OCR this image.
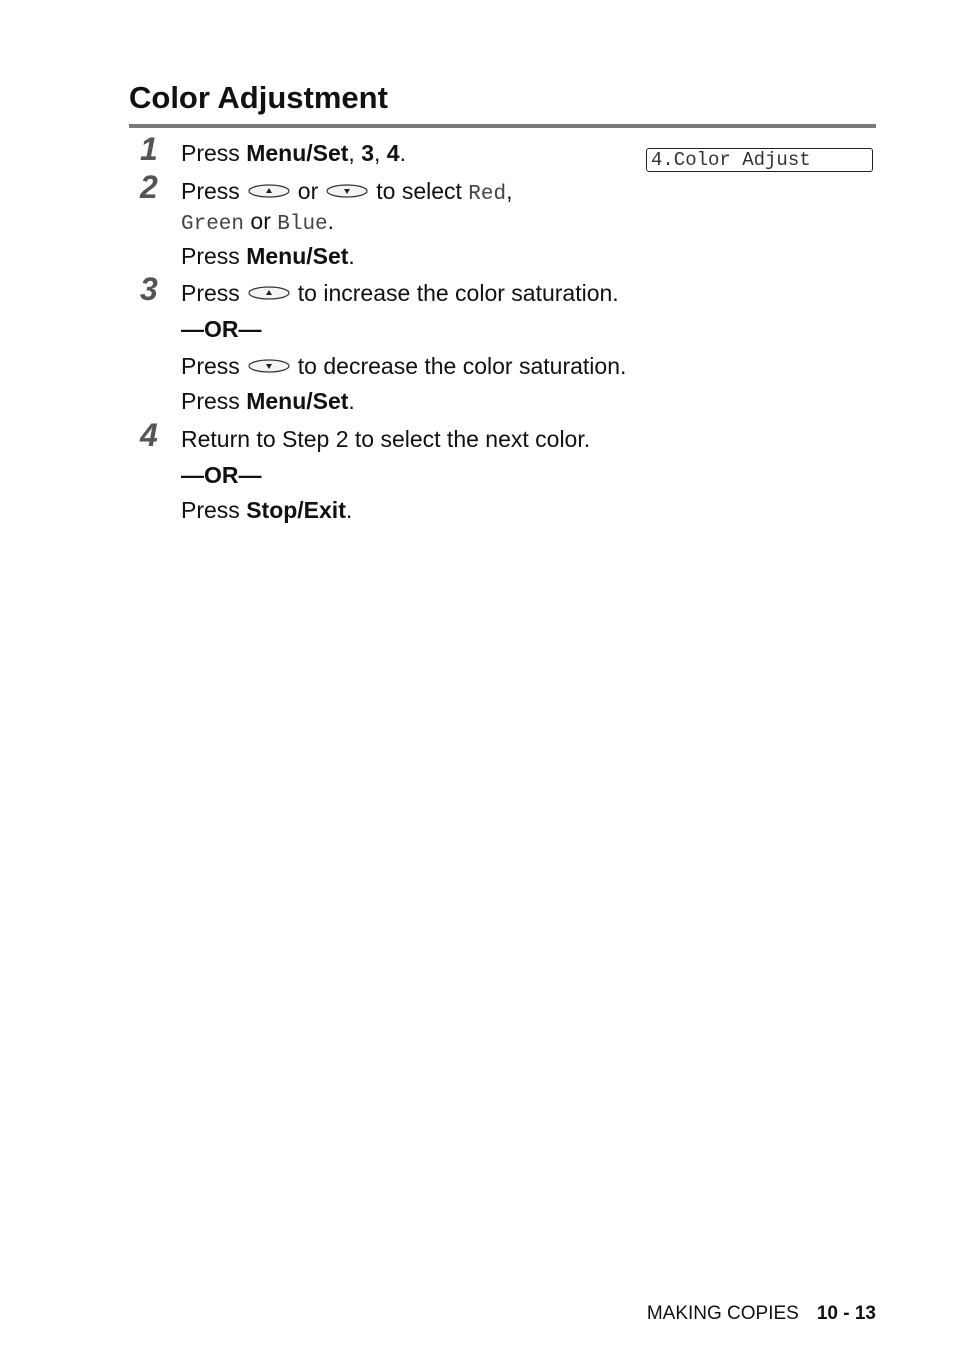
Color Adjustment
4.Color Adjust
1 Press Menu/Set, 3, 4.
2 Press	or	to select Red,
Green or Blue.
Press Menu/Set.
3 Press	to increase the color saturation.
—OR—
Press	to decrease the color saturation.
Press Menu/Set.
4 Return to Step 2 to select the next color.
—OR—
Press Stop/Exit.
MAKING COPIES 10 - 13
